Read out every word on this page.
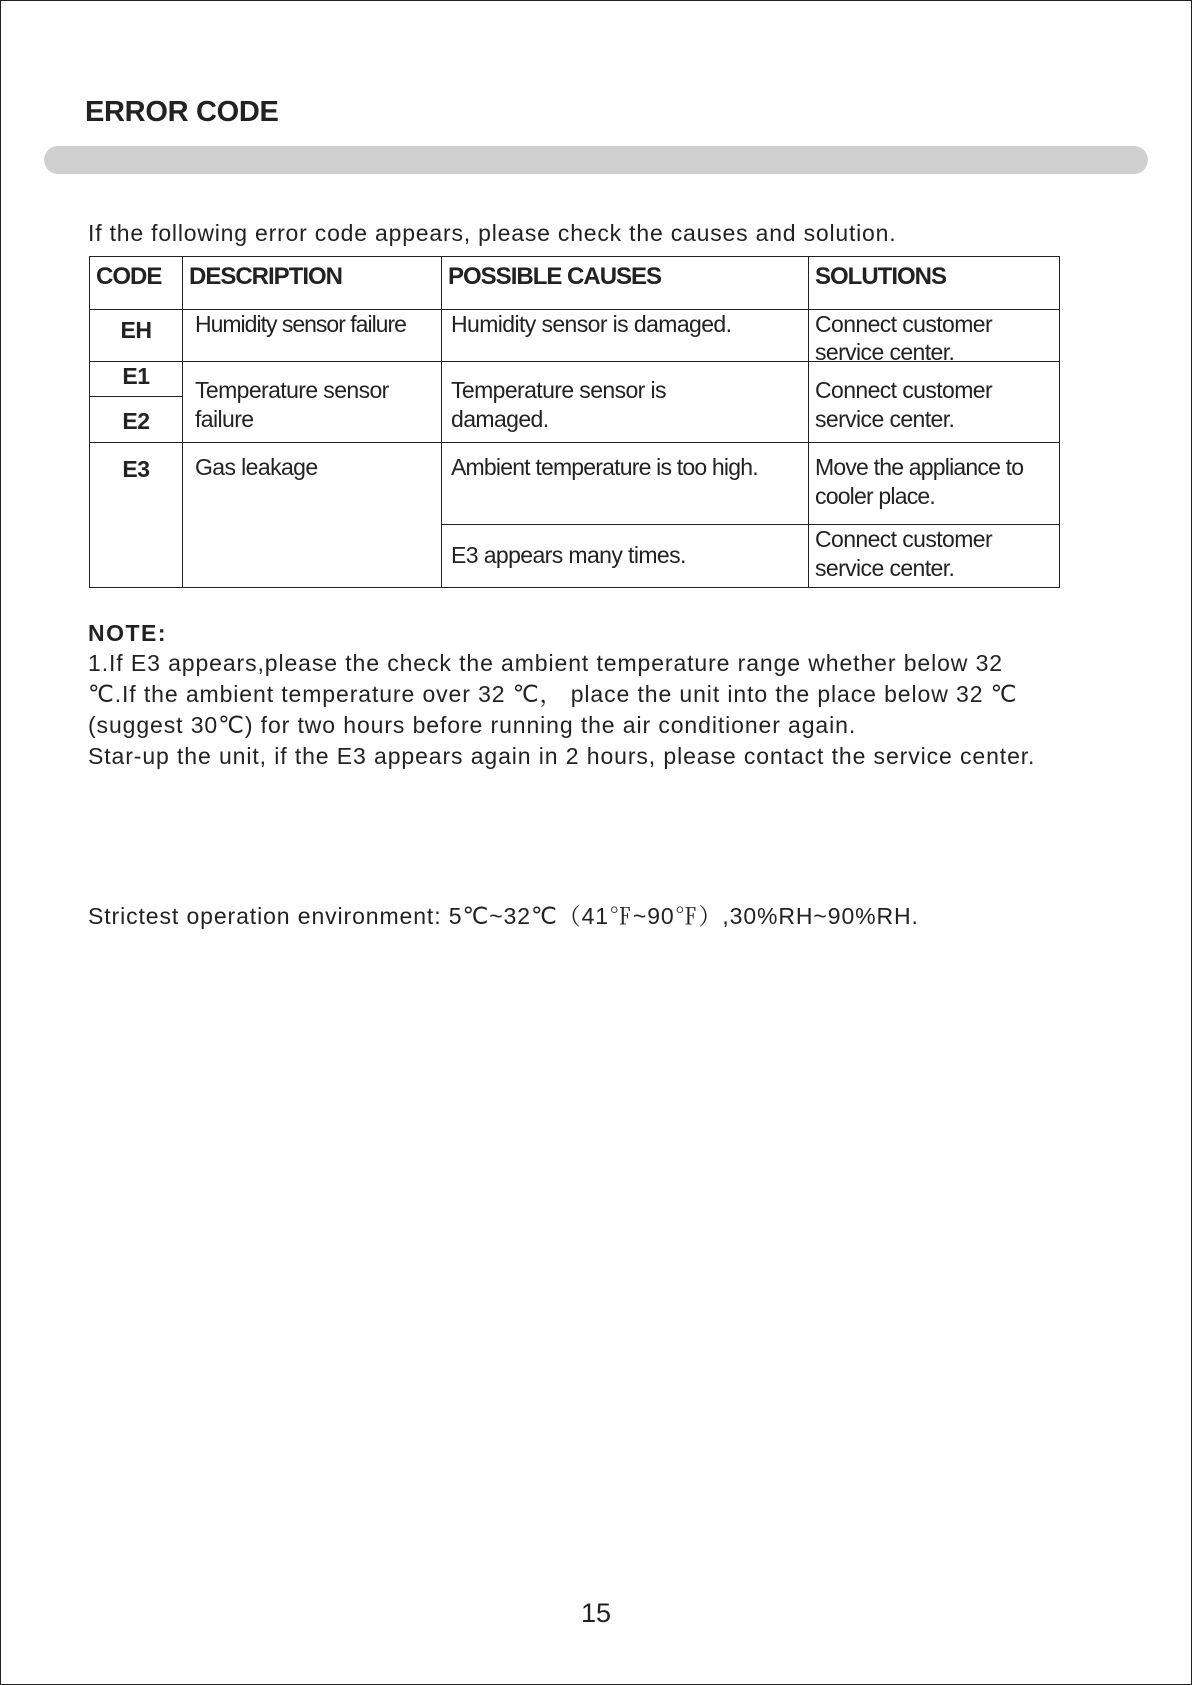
ERROR CODE
If the following error code appears, please check the causes and solution.
CODE	DESCRIPTION	POSSIBLE CAUSES	SOLUTIONS
EH	Humidity sensor failure	Humidity sensor is damaged.	Connect customer service center.

E1	Temperature sensor failure	Temperature sensor is damaged.	Connect customer service center.
E2			
E3	Gas leakage	Ambient temperature is too high.	Move the appliance to cooler place.
		E3 appears many times.	Connect customer service center.
NOTE:

1.If E3 appears,please the check the ambient temperature range whether below 32 ℃.If the ambient temperature over 32 ℃， place the unit into the place below 32 ℃ (suggest 30℃) for two hours before running the air conditioner again.

Star-up the unit, if the E3 appears again in 2 hours, please contact the service center.

Strictest operation environment: 5℃~32℃（41℉~90℉）,30%RH~90%RH.
15
